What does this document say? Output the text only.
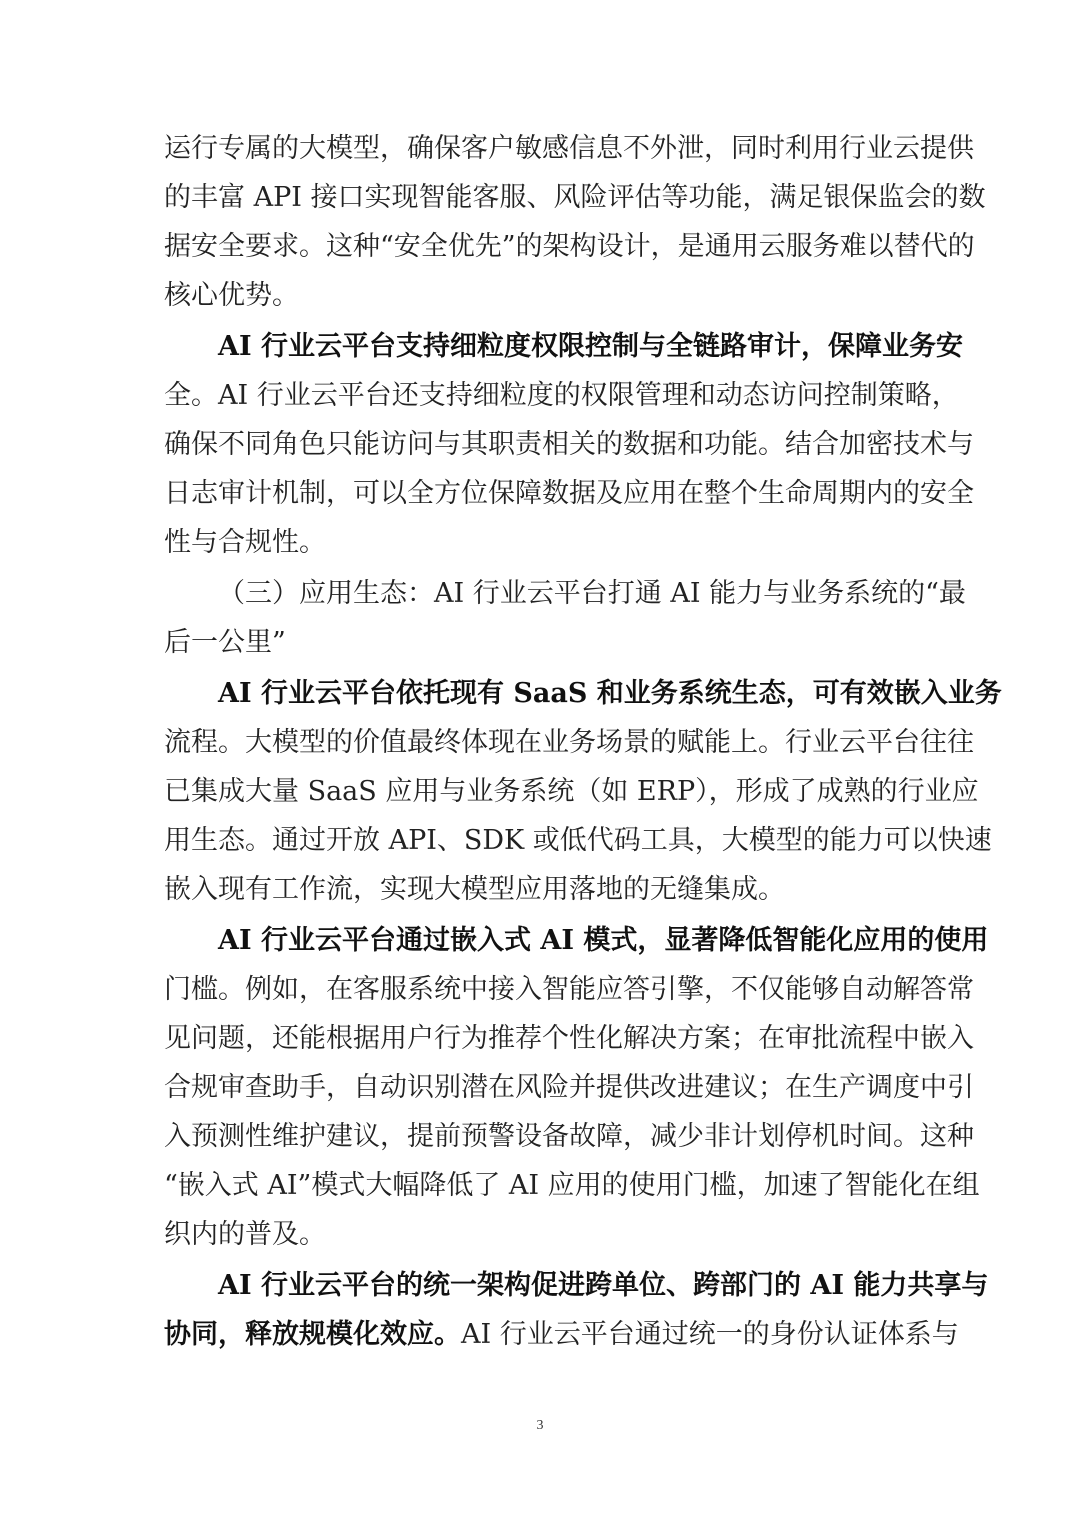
运行专属的大模型，确保客户敏感信息不外泄，同时利用行业云提供
的丰富 API 接口实现智能客服、风险评估等功能，满足银保监会的数
据安全要求。这种“安全优先”的架构设计，是通用云服务难以替代的
核心优势。
AI 行业云平台支持细粒度权限控制与全链路审计，保障业务安
全。AI 行业云平台还支持细粒度的权限管理和动态访问控制策略，
确保不同角色只能访问与其职责相关的数据和功能。结合加密技术与
日志审计机制，可以全方位保障数据及应用在整个生命周期内的安全
性与合规性。
（三）应用生态：AI 行业云平台打通 AI 能力与业务系统的“最
后一公里”
AI 行业云平台依托现有 SaaS 和业务系统生态，可有效嵌入业务
流程。大模型的价值最终体现在业务场景的赋能上。行业云平台往往
已集成大量 SaaS 应用与业务系统（如 ERP），形成了成熟的行业应
用生态。通过开放 API、SDK 或低代码工具，大模型的能力可以快速
嵌入现有工作流，实现大模型应用落地的无缝集成。
AI 行业云平台通过嵌入式 AI 模式，显著降低智能化应用的使用
门槛。例如，在客服系统中接入智能应答引擎，不仅能够自动解答常
见问题，还能根据用户行为推荐个性化解决方案；在审批流程中嵌入
合规审查助手，自动识别潜在风险并提供改进建议；在生产调度中引
入预测性维护建议，提前预警设备故障，减少非计划停机时间。这种
“嵌入式 AI”模式大幅降低了 AI 应用的使用门槛，加速了智能化在组
织内的普及。
AI 行业云平台的统一架构促进跨单位、跨部门的 AI 能力共享与
协同，释放规模化效应。AI 行业云平台通过统一的身份认证体系与
3
